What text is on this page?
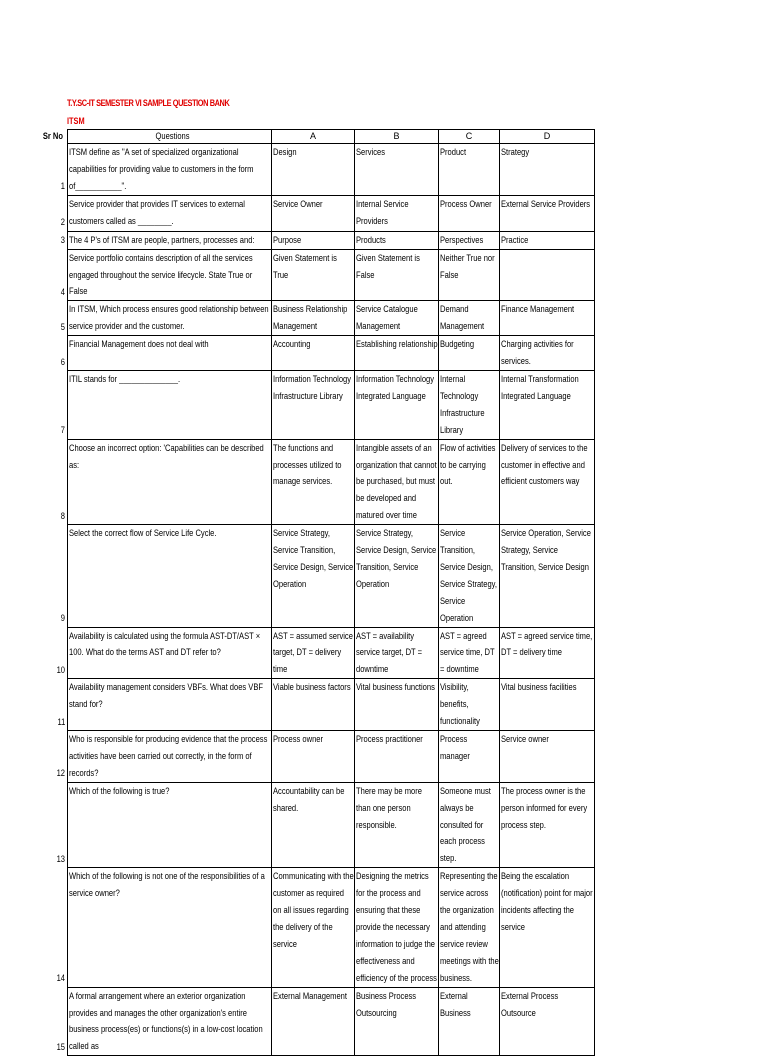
T.Y.SC-IT SEMESTER VI SAMPLE QUESTION BANK
ITSM
Sr No	Questions	A	B	C	D
1	ITSM define as "A set of specialized organizational capabilities for providing value to customers in the form of___________".	Design	Services	Product	Strategy

2	Service provider that provides IT services to external customers called as ________.	Service Owner	Internal Service Providers	Process Owner	External Service Providers

3	The 4 P's of ITSM are people, partners, processes and:	Purpose	Products	Perspectives	Practice

4	Service portfolio contains description of all the services engaged throughout the service lifecycle. State True or False	Given Statement is True	Given Statement is False	Neither True nor False	

5	In ITSM, Which process ensures good relationship between service provider and the customer.	Business Relationship Management	Service Catalogue Management	Demand Management	Finance Management

6	Financial Management does not deal with	Accounting	Establishing relationship	Budgeting	Charging activities for services.

7	ITIL stands for ______________.	Information Technology Infrastructure Library	Information Technology Integrated Language	Internal Technology Infrastructure Library	Internal Transformation Integrated Language

8	Choose an incorrect option: 'Capabilities can be described as:	The functions and processes utilized to manage services.	Intangible assets of an organization that cannot be purchased, but must be developed and matured over time	Flow of activities to be carrying out.	Delivery of services to the customer in effective and efficient customers way

9	Select the correct flow of Service Life Cycle.	Service Strategy, Service Transition, Service Design, Service Operation	Service Strategy, Service Design, Service Transition, Service Operation	Service Transition, Service Design, Service Strategy, Service Operation	Service Operation, Service Strategy, Service Transition, Service Design

10	Availability is calculated using the formula AST-DT/AST × 100. What do the terms AST and DT refer to?	AST = assumed service target, DT = delivery time	AST = availability service target, DT = downtime	AST = agreed service time, DT = downtime	AST = agreed service time, DT = delivery time

11	Availability management considers VBFs. What does VBF stand for?	Viable business factors	Vital business functions	Visibility, benefits, functionality	Vital business facilities

12	Who is responsible for producing evidence that the process activities have been carried out correctly, in the form of records?	Process owner	Process practitioner	Process manager	Service owner

13	Which of the following is true?	Accountability can be shared.	There may be more than one person responsible.	Someone must always be consulted for each process step.	The process owner is the person informed for every process step.

14	Which of the following is not one of the responsibilities of a service owner?	Communicating with the customer as required on all issues regarding the delivery of the service	Designing the metrics for the process and ensuring that these provide the necessary information to judge the effectiveness and efficiency of the process	Representing the service across the organization and attending service review meetings with the business.	Being the escalation (notification) point for major incidents affecting the service

15	A formal arrangement where an exterior organization provides and manages the other organization's entire business process(es) or functions(s) in a low-cost location called as	External Management	Business Process Outsourcing	External Business	External Process Outsource
